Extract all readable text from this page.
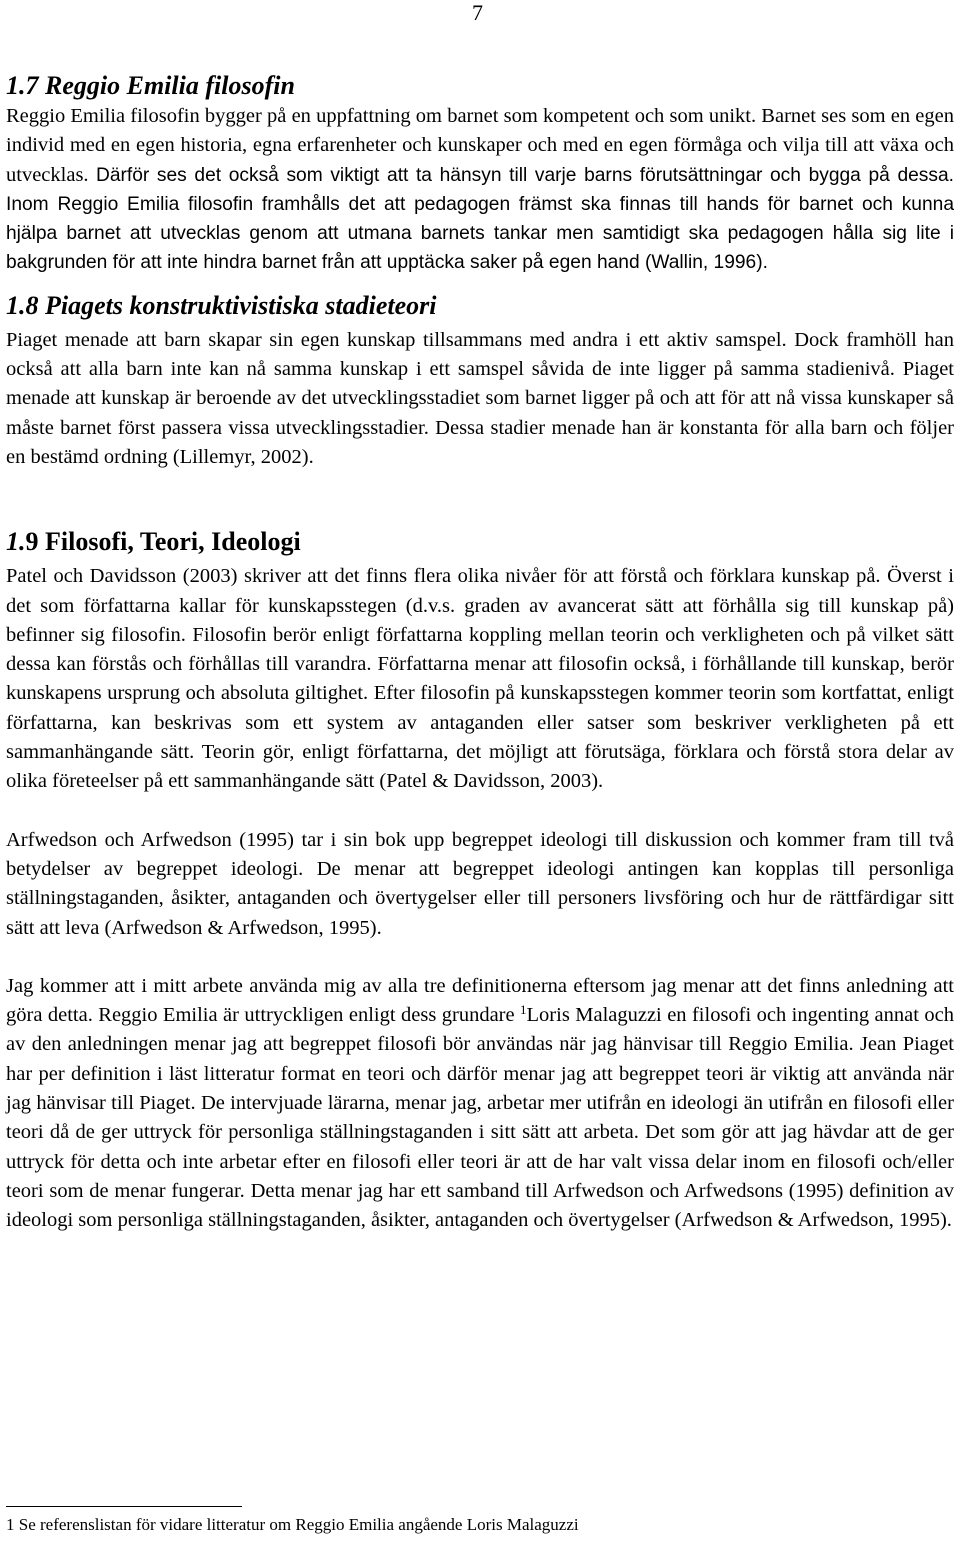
7
1.7 Reggio Emilia filosofin

Reggio Emilia filosofin bygger på en uppfattning om barnet som kompetent och som unikt. Barnet ses som en egen individ med en egen historia, egna erfarenheter och kunskaper och med en egen förmåga och vilja till att växa och utvecklas. Därför ses det också som viktigt att ta hänsyn till varje barns förutsättningar och bygga på dessa. Inom Reggio Emilia filosofin framhålls det att pedagogen främst ska finnas till hands för barnet och kunna hjälpa barnet att utvecklas genom att utmana barnets tankar men samtidigt ska pedagogen hålla sig lite i bakgrunden för att inte hindra barnet från att upptäcka saker på egen hand (Wallin, 1996).

1.8 Piagets konstruktivistiska stadieteori

Piaget menade att barn skapar sin egen kunskap tillsammans med andra i ett aktiv samspel. Dock framhöll han också att alla barn inte kan nå samma kunskap i ett samspel såvida de inte ligger på samma stadienivå. Piaget menade att kunskap är beroende av det utvecklingsstadiet som barnet ligger på och att för att nå vissa kunskaper så måste barnet först passera vissa utvecklingsstadier. Dessa stadier menade han är konstanta för alla barn och följer en bestämd ordning (Lillemyr, 2002).

1.9 Filosofi, Teori, Ideologi

Patel och Davidsson (2003) skriver att det finns flera olika nivåer för att förstå och förklara kunskap på. Överst i det som författarna kallar för kunskapsstegen (d.v.s. graden av avancerat sätt att förhålla sig till kunskap på) befinner sig filosofin. Filosofin berör enligt författarna koppling mellan teorin och verkligheten och på vilket sätt dessa kan förstås och förhållas till varandra. Författarna menar att filosofin också, i förhållande till kunskap, berör kunskapens ursprung och absoluta giltighet. Efter filosofin på kunskapsstegen kommer teorin som kortfattat, enligt författarna, kan beskrivas som ett system av antaganden eller satser som beskriver verkligheten på ett sammanhängande sätt. Teorin gör, enligt författarna, det möjligt att förutsäga, förklara och förstå stora delar av olika företeelser på ett sammanhängande sätt (Patel & Davidsson, 2003).

Arfwedson och Arfwedson (1995) tar i sin bok upp begreppet ideologi till diskussion och kommer fram till två betydelser av begreppet ideologi. De menar att begreppet ideologi antingen kan kopplas till personliga ställningstaganden, åsikter, antaganden och övertygelser eller till personers livsföring och hur de rättfärdigar sitt sätt att leva (Arfwedson & Arfwedson, 1995).

Jag kommer att i mitt arbete använda mig av alla tre definitionerna eftersom jag menar att det finns anledning att göra detta. Reggio Emilia är uttryckligen enligt dess grundare $^1$Loris Malaguzzi en filosofi och ingenting annat och av den anledningen menar jag att begreppet filosofi bör användas när jag hänvisar till Reggio Emilia. Jean Piaget har per definition i läst litteratur format en teori och därför menar jag att begreppet teori är viktig att använda när jag hänvisar till Piaget. De intervjuade lärarna, menar jag, arbetar mer utifrån en ideologi än utifrån en filosofi eller teori då de ger uttryck för personliga ställningstaganden i sitt sätt att arbeta. Det som gör att jag hävdar att de ger uttryck för detta och inte arbetar efter en filosofi eller teori är att de har valt vissa delar inom en filosofi och/eller teori som de menar fungerar. Detta menar jag har ett samband till Arfwedson och Arfwedsons (1995) definition av ideologi som personliga ställningstaganden, åsikter, antaganden och övertygelser (Arfwedson & Arfwedson, 1995).

1 Se referenslistan för vidare litteratur om Reggio Emilia angående Loris Malaguzzi
